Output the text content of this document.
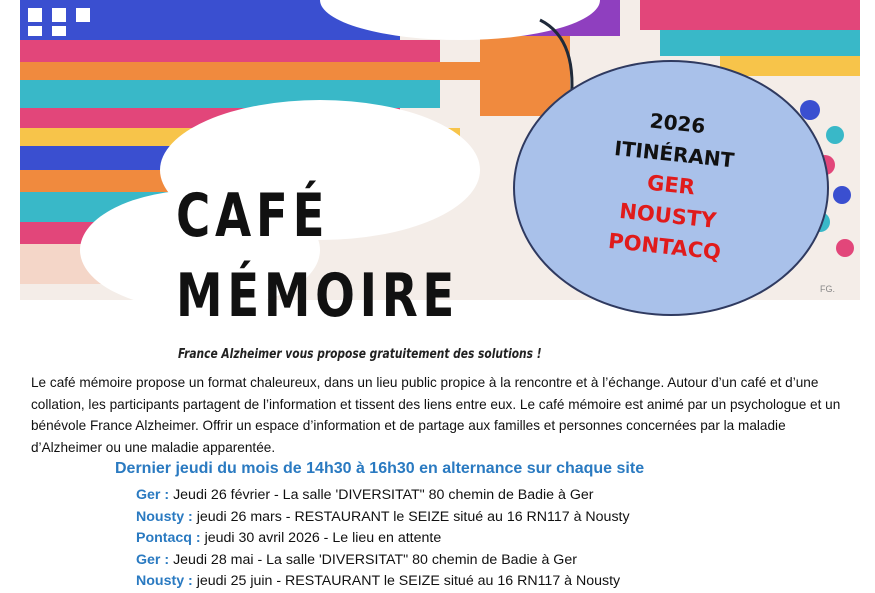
FG.
CAFÉ
MÉMOIRE
France Alzheimer vous propose gratuitement des solutions !
2026
ITINÉRANT
GER
NOUSTY
PONTACQ
Le café mémoire propose un format chaleureux, dans un lieu public propice à la rencontre et à l’échange. Autour d’un café et d’une collation, les participants partagent de l’information et tissent des liens entre eux. Le café mémoire est animé par un psychologue et un bénévole France Alzheimer. Offrir un espace d’information et de partage aux familles et personnes concernées par la maladie d’Alzheimer ou une maladie apparentée.
Dernier jeudi du mois de 14h30 à 16h30 en alternance sur chaque site
Ger : Jeudi 26 février - La salle 'DIVERSITAT" 80 chemin de Badie à Ger
Nousty : jeudi 26 mars - RESTAURANT le SEIZE situé au 16 RN117 à Nousty
Pontacq : jeudi 30 avril 2026 - Le lieu en attente
Ger : Jeudi 28 mai - La salle 'DIVERSITAT" 80 chemin de Badie à Ger
Nousty : jeudi 25 juin - RESTAURANT le SEIZE situé au 16 RN117 à Nousty
